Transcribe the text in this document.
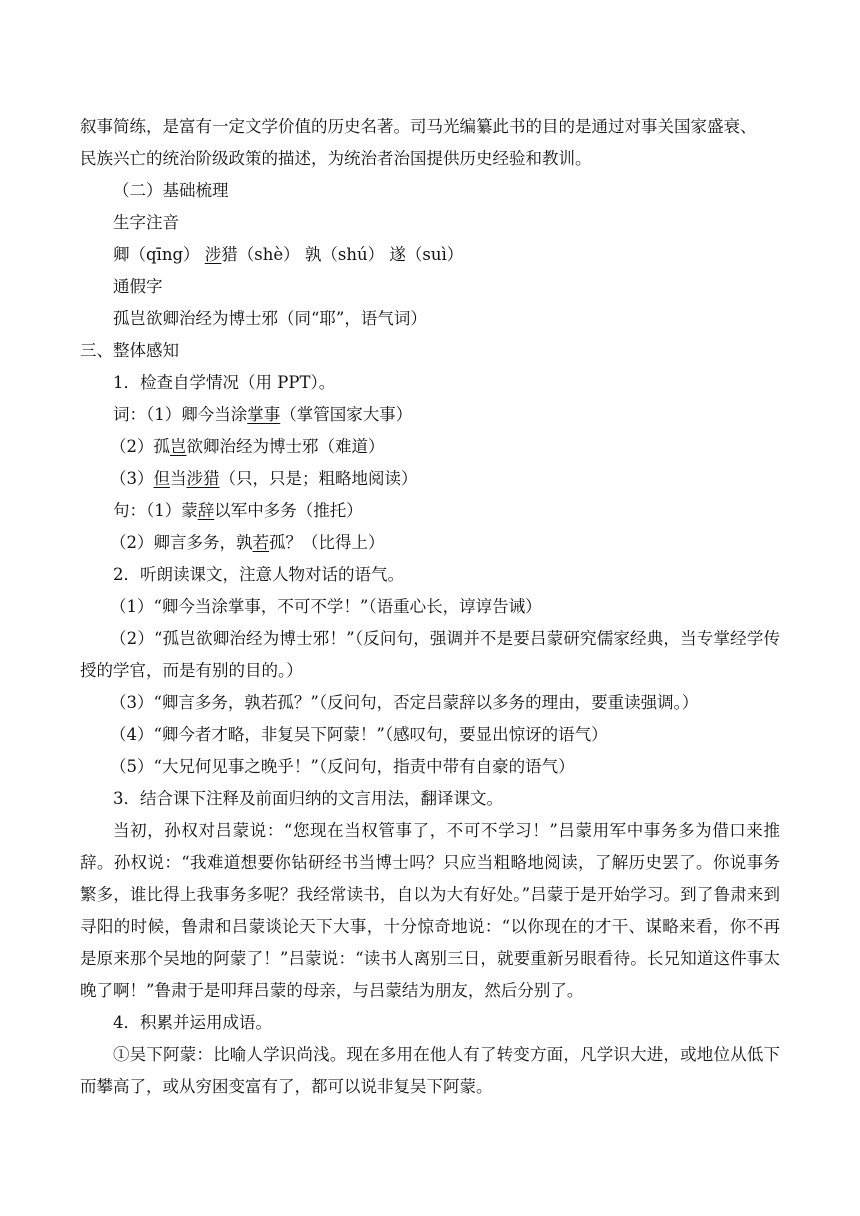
叙事简练，是富有一定文学价值的历史名著。司马光编纂此书的目的是通过对事关国家盛衰、

民族兴亡的统治阶级政策的描述，为统治者治国提供历史经验和教训。

（二）基础梳理

生字注音

卿（qīng） 涉猎（shè） 孰（shú） 遂（suì）

通假字

孤岂欲卿治经为博士邪（同“耶”，语气词）

三、整体感知

1．检查自学情况（用 PPT）。

词：（1）卿今当涂掌事（掌管国家大事）

（2）孤岂欲卿治经为博士邪（难道）

（3）但当涉猎（只，只是；粗略地阅读）

句：（1）蒙辞以军中多务（推托）

（2）卿言多务，孰若孤？（比得上）

2．听朗读课文，注意人物对话的语气。

（1）“卿今当涂掌事，不可不学！”（语重心长，谆谆告诫）

（2）“孤岂欲卿治经为博士邪！”（反问句，强调并不是要吕蒙研究儒家经典，当专掌经学传授的学官，而是有别的目的。）

（3）“卿言多务，孰若孤？”（反问句，否定吕蒙辞以多务的理由，要重读强调。）

（4）“卿今者才略，非复吴下阿蒙！”（感叹句，要显出惊讶的语气）

（5）“大兄何见事之晚乎！”（反问句，指责中带有自豪的语气）

3．结合课下注释及前面归纳的文言用法，翻译课文。

当初，孙权对吕蒙说：“您现在当权管事了，不可不学习！”吕蒙用军中事务多为借口来推辞。孙权说：“我难道想要你钻研经书当博士吗？只应当粗略地阅读，了解历史罢了。你说事务繁多，谁比得上我事务多呢？我经常读书，自以为大有好处。”吕蒙于是开始学习。到了鲁肃来到寻阳的时候，鲁肃和吕蒙谈论天下大事，十分惊奇地说：“以你现在的才干、谋略来看，你不再是原来那个吴地的阿蒙了！”吕蒙说：“读书人离别三日，就要重新另眼看待。长兄知道这件事太晚了啊！”鲁肃于是叩拜吕蒙的母亲，与吕蒙结为朋友，然后分别了。

4．积累并运用成语。

①吴下阿蒙：比喻人学识尚浅。现在多用在他人有了转变方面，凡学识大进，或地位从低下而攀高了，或从穷困变富有了，都可以说非复吴下阿蒙。
